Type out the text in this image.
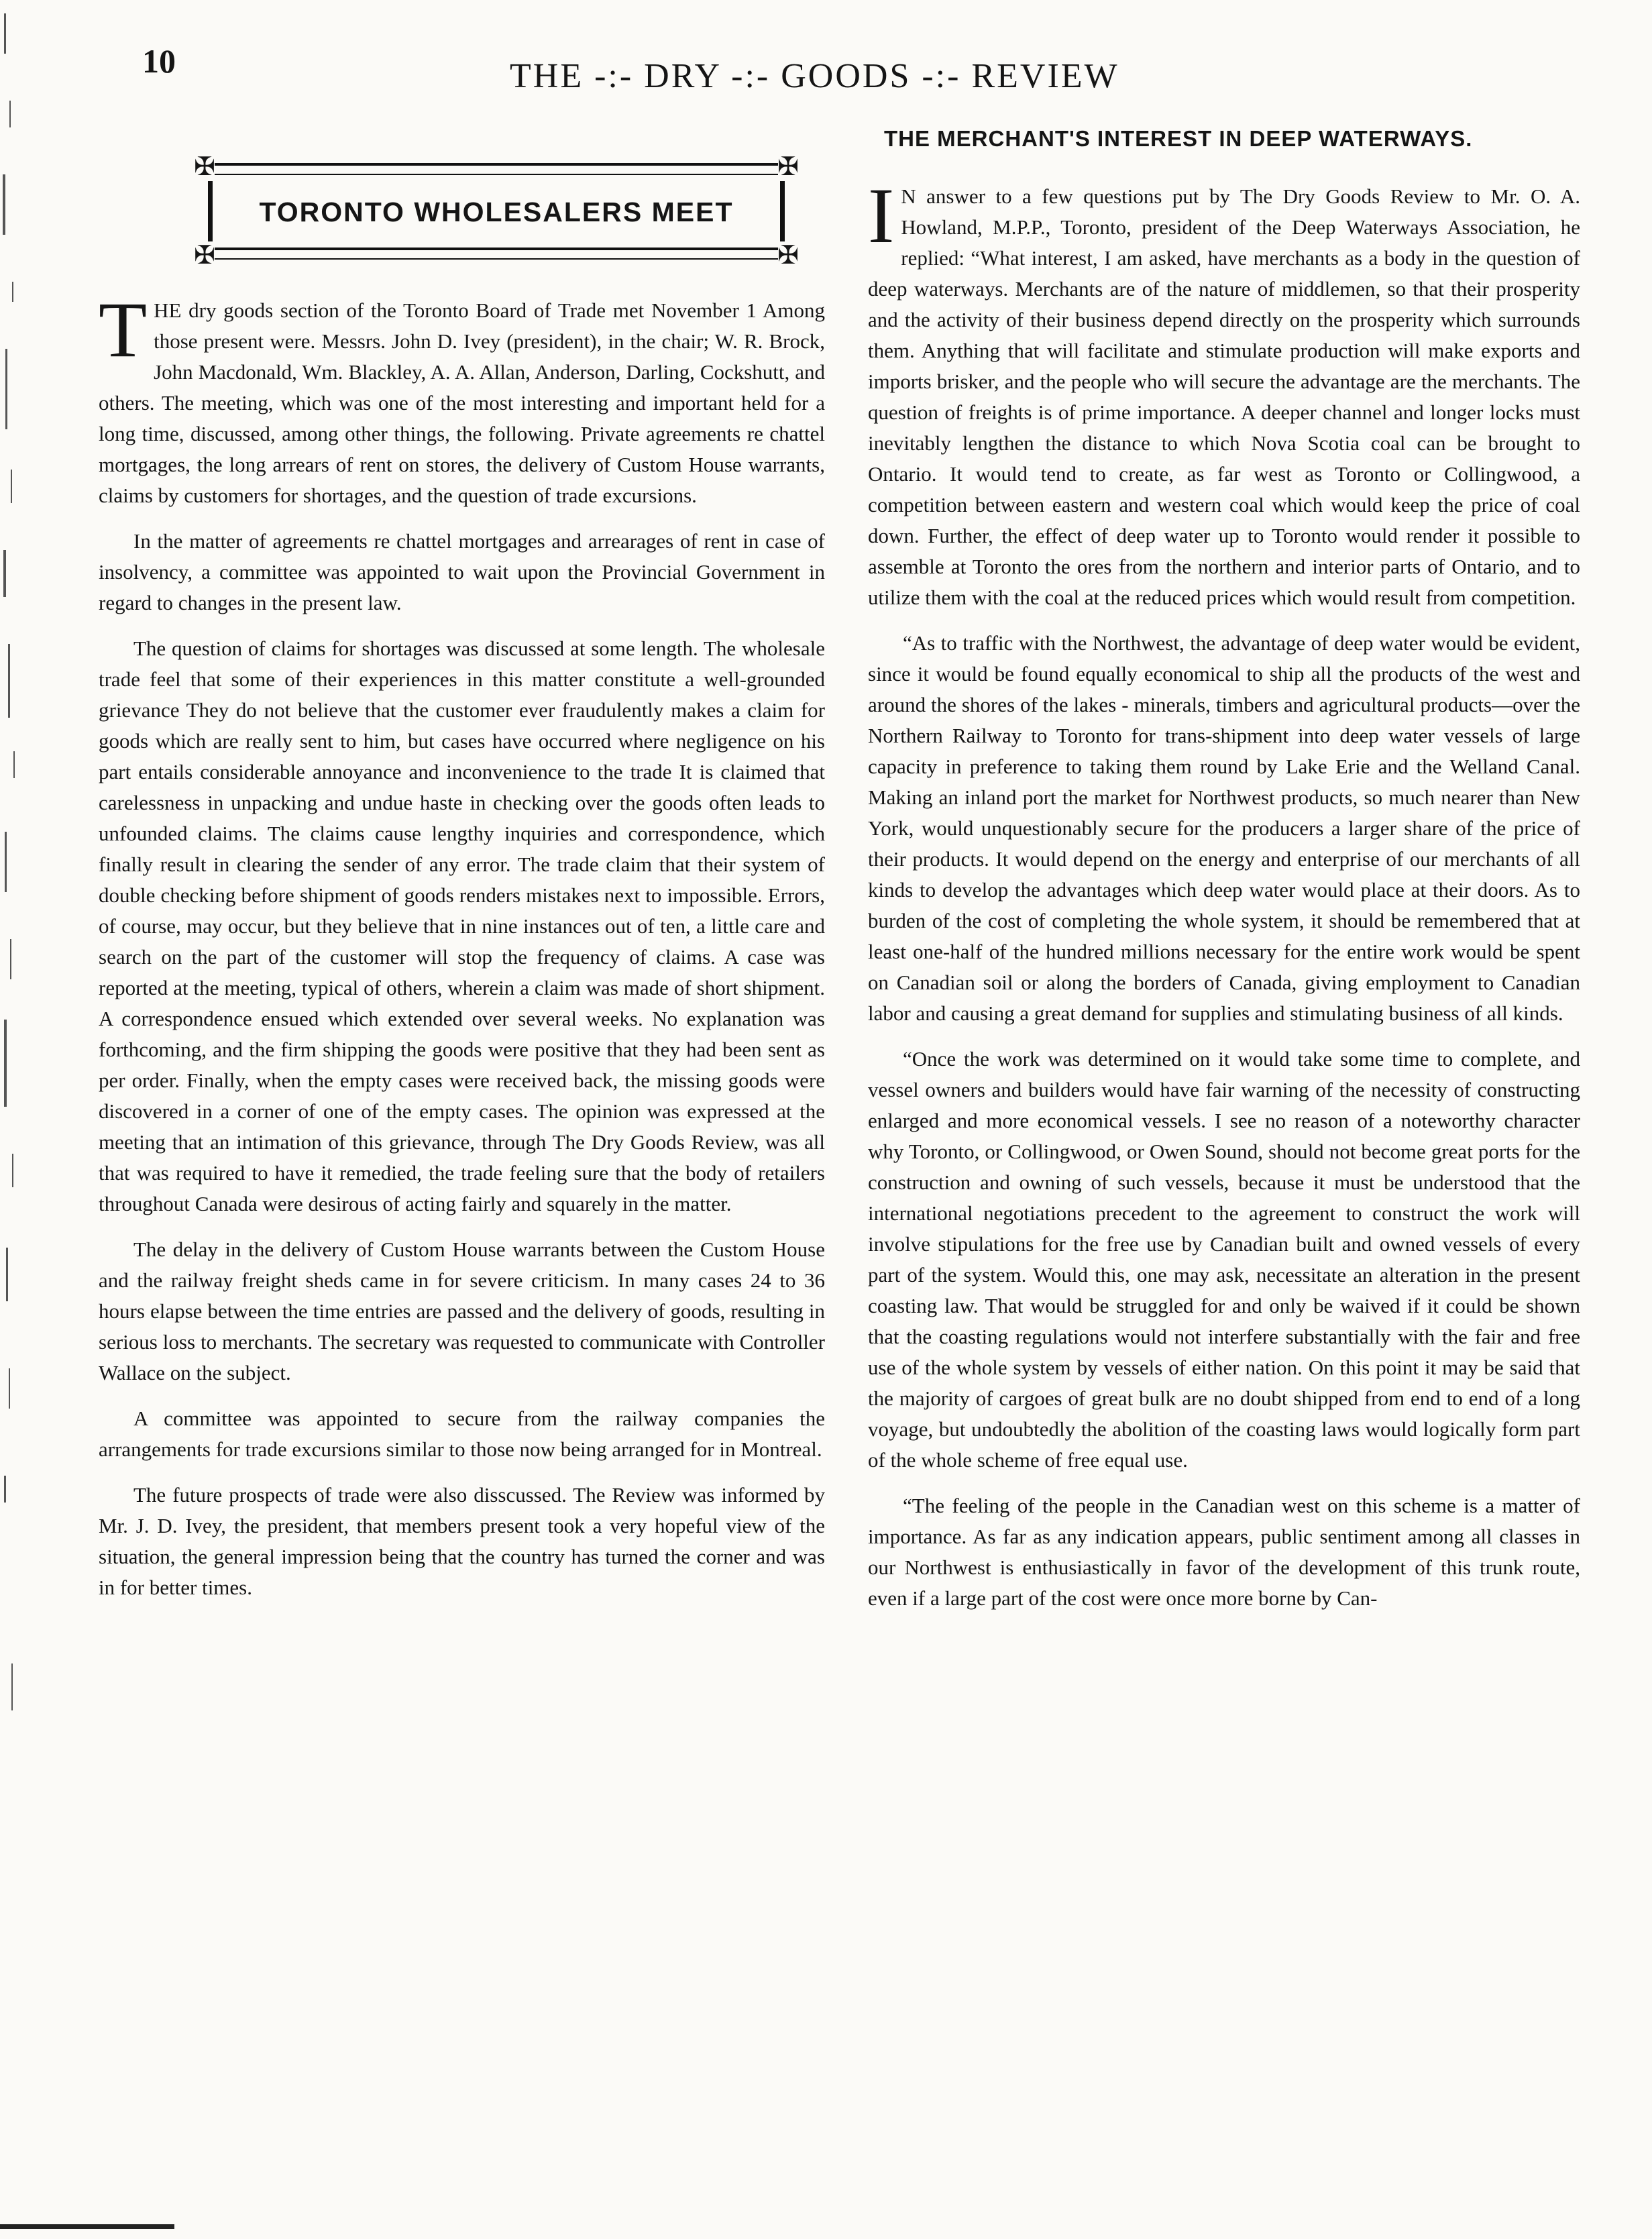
10	THE -:- DRY -:- GOODS -:- REVIEW
✠	✠
✠	✠
TORONTO WHOLESALERS MEET

T HE dry goods section of the Toronto Board of Trade met November 1 Among those present were. Messrs. John D. Ivey (president), in the chair; W. R. Brock, John Macdonald, Wm. Blackley, A. A. Allan, Anderson, Darling, Cockshutt, and others. The meeting, which was one of the most interesting and important held for a long time, discussed, among other things, the following. Private agreements re chattel mortgages, the long arrears of rent on stores, the delivery of Custom House warrants, claims by customers for shortages, and the question of trade excursions.

In the matter of agreements re chattel mortgages and arrearages of rent in case of insolvency, a committee was appointed to wait upon the Provincial Government in regard to changes in the present law.

The question of claims for shortages was discussed at some length. The wholesale trade feel that some of their experiences in this matter constitute a well-grounded grievance They do not believe that the customer ever fraudulently makes a claim for goods which are really sent to him, but cases have occurred where negligence on his part entails considerable annoyance and inconvenience to the trade It is claimed that carelessness in unpacking and undue haste in checking over the goods often leads to unfounded claims. The claims cause lengthy inquiries and correspondence, which finally result in clearing the sender of any error. The trade claim that their system of double checking before shipment of goods renders mistakes next to impossible. Errors, of course, may occur, but they believe that in nine instances out of ten, a little care and search on the part of the customer will stop the frequency of claims. A case was reported at the meeting, typical of others, wherein a claim was made of short shipment. A correspondence ensued which extended over several weeks. No explanation was forthcoming, and the firm shipping the goods were positive that they had been sent as per order. Finally, when the empty cases were received back, the missing goods were discovered in a corner of one of the empty cases. The opinion was expressed at the meeting that an intimation of this grievance, through The Dry Goods Review, was all that was required to have it remedied, the trade feeling sure that the body of retailers throughout Canada were desirous of acting fairly and squarely in the matter.

The delay in the delivery of Custom House warrants between the Custom House and the railway freight sheds came in for severe criticism. In many cases 24 to 36 hours elapse between the time entries are passed and the delivery of goods, resulting in serious loss to merchants. The secretary was requested to communicate with Controller Wallace on the subject.

A committee was appointed to secure from the railway companies the arrangements for trade excursions similar to those now being arranged for in Montreal.

The future prospects of trade were also disscussed. The Review was informed by Mr. J. D. Ivey, the president, that members present took a very hopeful view of the situation, the general impression being that the country has turned the corner and was in for better times.

THE MERCHANT'S INTEREST IN DEEP WATERWAYS.

I N answer to a few questions put by The Dry Goods Review to Mr. O. A. Howland, M.P.P., Toronto, president of the Deep Waterways Association, he replied: “What interest, I am asked, have merchants as a body in the question of deep waterways. Merchants are of the nature of middlemen, so that their prosperity and the activity of their business depend directly on the prosperity which surrounds them. Anything that will facilitate and stimulate production will make exports and imports brisker, and the people who will secure the advantage are the merchants. The question of freights is of prime importance. A deeper channel and longer locks must inevitably lengthen the distance to which Nova Scotia coal can be brought to Ontario. It would tend to create, as far west as Toronto or Collingwood, a competition between eastern and western coal which would keep the price of coal down. Further, the effect of deep water up to Toronto would render it possible to assemble at Toronto the ores from the northern and interior parts of Ontario, and to utilize them with the coal at the reduced prices which would result from competition.

“As to traffic with the Northwest, the advantage of deep water would be evident, since it would be found equally economical to ship all the products of the west and around the shores of the lakes - minerals, timbers and agricultural products—over the Northern Railway to Toronto for trans-shipment into deep water vessels of large capacity in preference to taking them round by Lake Erie and the Welland Canal. Making an inland port the market for Northwest products, so much nearer than New York, would unquestionably secure for the producers a larger share of the price of their products. It would depend on the energy and enterprise of our merchants of all kinds to develop the advantages which deep water would place at their doors. As to burden of the cost of completing the whole system, it should be remembered that at least one-half of the hundred millions necessary for the entire work would be spent on Canadian soil or along the borders of Canada, giving employment to Canadian labor and causing a great demand for supplies and stimulating business of all kinds.

“Once the work was determined on it would take some time to complete, and vessel owners and builders would have fair warning of the necessity of constructing enlarged and more economical vessels. I see no reason of a noteworthy character why Toronto, or Collingwood, or Owen Sound, should not become great ports for the construction and owning of such vessels, because it must be understood that the international negotiations precedent to the agreement to construct the work will involve stipulations for the free use by Canadian built and owned vessels of every part of the system. Would this, one may ask, necessitate an alteration in the present coasting law. That would be struggled for and only be waived if it could be shown that the coasting regulations would not interfere substantially with the fair and free use of the whole system by vessels of either nation. On this point it may be said that the majority of cargoes of great bulk are no doubt shipped from end to end of a long voyage, but undoubtedly the abolition of the coasting laws would logically form part of the whole scheme of free equal use.

“The feeling of the people in the Canadian west on this scheme is a matter of importance. As far as any indication appears, public sentiment among all classes in our Northwest is enthusiastically in favor of the development of this trunk route, even if a large part of the cost were once more borne by Can-
